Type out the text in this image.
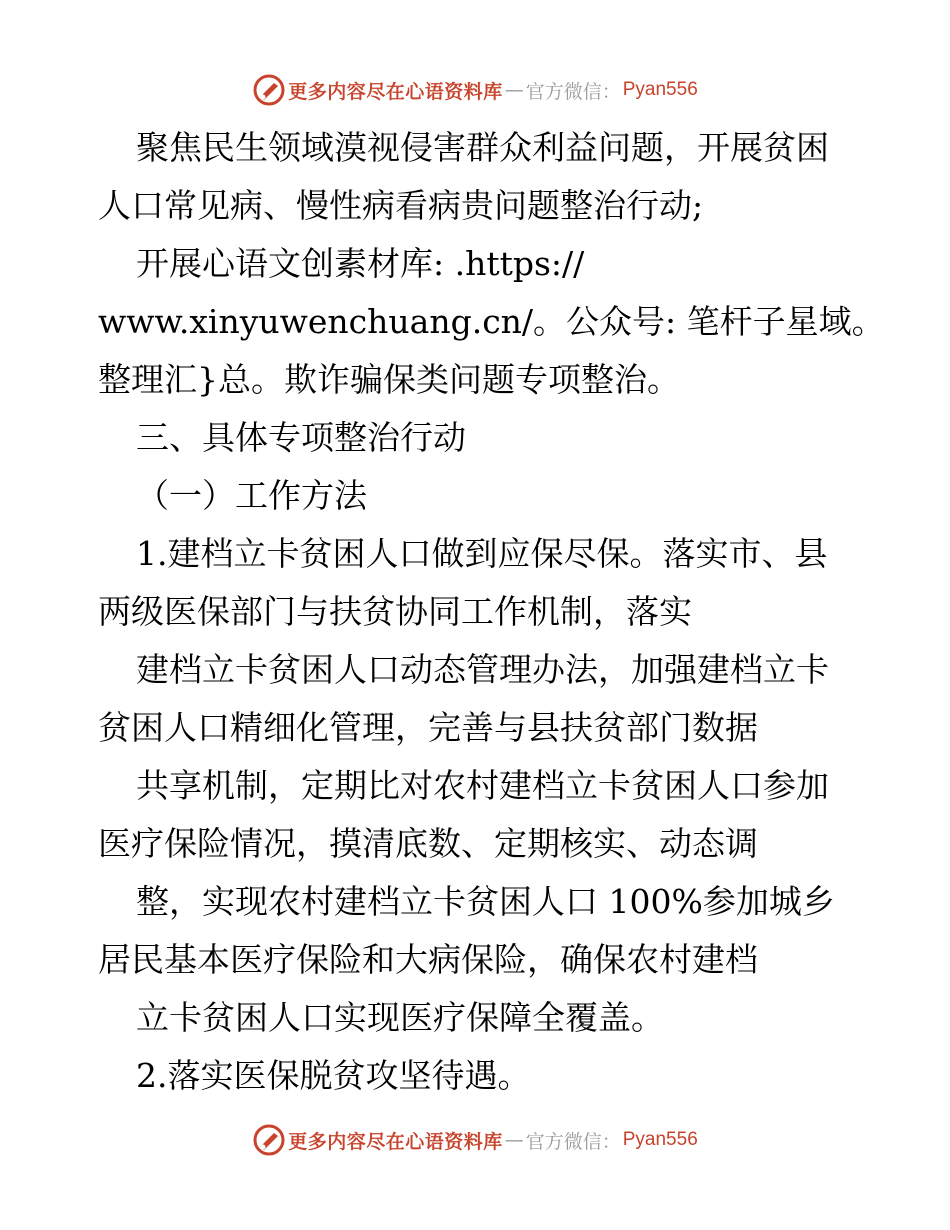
更多内容尽在心语资料库 — 官方微信： Pyan556
聚焦民生领域漠视侵害群众利益问题，开展贫困
人口常见病、慢性病看病贵问题整治行动;
开展心语文创素材库: .https://
www.xinyuwenchuang.cn/。公众号: 笔杆子星域。
整理汇}总。欺诈骗保类问题专项整治。
三、具体专项整治行动
（一）工作方法
1.建档立卡贫困人口做到应保尽保。落实市、县
两级医保部门与扶贫协同工作机制，落实
建档立卡贫困人口动态管理办法，加强建档立卡
贫困人口精细化管理，完善与县扶贫部门数据
共享机制，定期比对农村建档立卡贫困人口参加
医疗保险情况，摸清底数、定期核实、动态调
整，实现农村建档立卡贫困人口 100%参加城乡
居民基本医疗保险和大病保险，确保农村建档
立卡贫困人口实现医疗保障全覆盖。
2.落实医保脱贫攻坚待遇。
更多内容尽在心语资料库 — 官方微信： Pyan556
